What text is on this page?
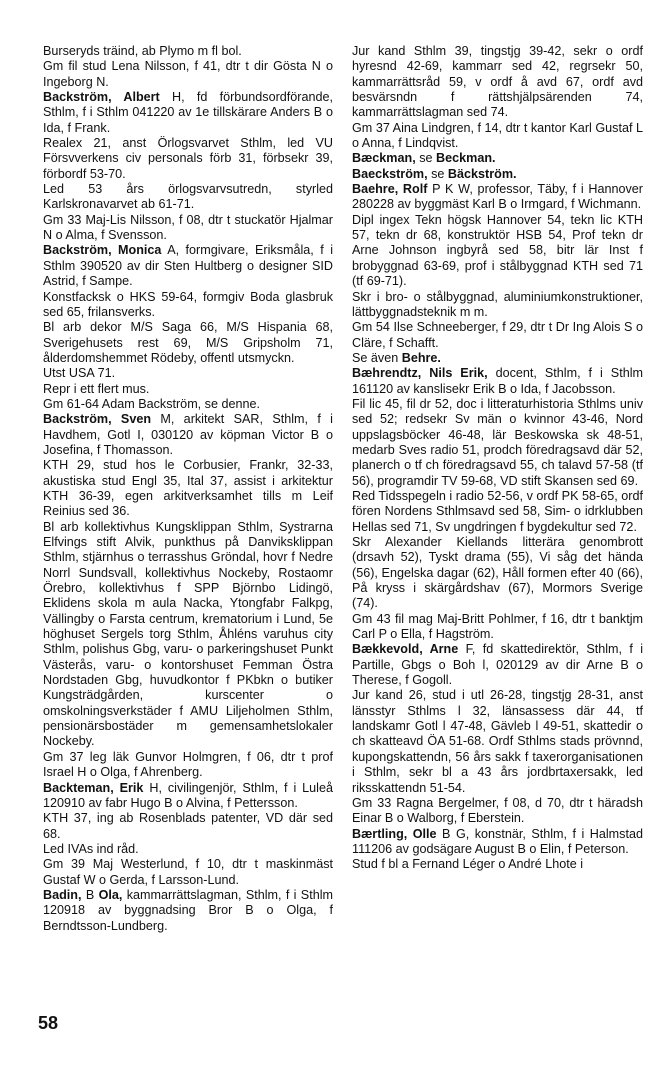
Burseryds träind, ab Plymo m fl bol.

Gm fil stud Lena Nilsson, f 41, dtr t dir Gösta N o Ingeborg N.

Backström, Albert H, fd förbundsordförande, Sthlm, f i Sthlm 041220 av 1e tillskärare Anders B o Ida, f Frank.

Realex 21, anst Örlogsvarvet Sthlm, led VU Försvverkens civ personals förb 31, förbsekr 39, förbordf 53-70.

Led 53 års örlogsvarvsutredn, styrled Karlskronavarvet ab 61-71.

Gm 33 Maj-Lis Nilsson, f 08, dtr t stuckatör Hjalmar N o Alma, f Svensson.

Backström, Monica A, formgivare, Eriksmåla, f i Sthlm 390520 av dir Sten Hultberg o designer SID Astrid, f Sampe.

Konstfacksk o HKS 59-64, formgiv Boda glasbruk sed 65, frilansverks.

Bl arb dekor M/S Saga 66, M/S Hispania 68, Sverigehusets rest 69, M/S Gripsholm 71, ålderdomshemmet Rödeby, offentl utsmyckn.

Utst USA 71.

Repr i ett flert mus.

Gm 61-64 Adam Backström, se denne.

Backström, Sven M, arkitekt SAR, Sthlm, f i Havdhem, Gotl I, 030120 av köpman Victor B o Josefina, f Thomasson.

KTH 29, stud hos le Corbusier, Frankr, 32-33, akustiska stud Engl 35, Ital 37, assist i arkitektur KTH 36-39, egen arkitverksamhet tills m Leif Reinius sed 36.

Bl arb kollektivhus Kungsklippan Sthlm, Systrarna Elfvings stift Alvik, punkthus på Danviksklippan Sthlm, stjärnhus o terrasshus Gröndal, hovr f Nedre Norrl Sundsvall, kollektivhus Nockeby, Rostaomr Örebro, kollektivhus f SPP Björnbo Lidingö, Eklidens skola m aula Nacka, Ytongfabr Falkpg, Vällingby o Farsta centrum, krematorium i Lund, 5e höghuset Sergels torg Sthlm, Åhléns varuhus city Sthlm, polishus Gbg, varu- o parkeringshuset Punkt Västerås, varu- o kontorshuset Femman Östra Nordstaden Gbg, huvudkontor f PKbkn o butiker Kungsträdgården, kurscenter o omskolningsverkstäder f AMU Liljeholmen Sthlm, pensionärsbostäder m gemensamhetslokaler Nockeby.

Gm 37 leg läk Gunvor Holmgren, f 06, dtr t prof Israel H o Olga, f Ahrenberg.

Backteman, Erik H, civilingenjör, Sthlm, f i Luleå 120910 av fabr Hugo B o Alvina, f Pettersson.

KTH 37, ing ab Rosenblads patenter, VD där sed 68.

Led IVAs ind råd.

Gm 39 Maj Westerlund, f 10, dtr t maskinmäst Gustaf W o Gerda, f Larsson-Lund.

Badin, B Ola, kammarrättslagman, Sthlm, f i Sthlm 120918 av byggnadsing Bror B o Olga, f Berndtsson-Lundberg.

Jur kand Sthlm 39, tingstjg 39-42, sekr o ordf hyresnd 42-69, kammarr sed 42, regrsekr 50, kammarrättsråd 59, v ordf å avd 67, ordf avd besvärsndn f rättshjälpsärenden 74, kammarrättslagman sed 74.

Gm 37 Aina Lindgren, f 14, dtr t kantor Karl Gustaf L o Anna, f Lindqvist.

Bæckman, se Beckman.

Baeckström, se Bäckström.

Baehre, Rolf P K W, professor, Täby, f i Hannover 280228 av byggmäst Karl B o Irmgard, f Wichmann.

Dipl ingex Tekn högsk Hannover 54, tekn lic KTH 57, tekn dr 68, konstruktör HSB 54, Prof tekn dr Arne Johnson ingbyrå sed 58, bitr lär Inst f brobyggnad 63-69, prof i stålbyggnad KTH sed 71 (tf 69-71).

Skr i bro- o stålbyggnad, aluminiumkonstruktioner, lättbyggnadsteknik m m.

Gm 54 Ilse Schneeberger, f 29, dtr t Dr Ing Alois S o Cläre, f Schafft.

Se även Behre.

Bæhrendtz, Nils Erik, docent, Sthlm, f i Sthlm 161120 av kanslisekr Erik B o Ida, f Jacobsson.

Fil lic 45, fil dr 52, doc i litteraturhistoria Sthlms univ sed 52; redsekr Sv män o kvinnor 43-46, Nord uppslagsböcker 46-48, lär Beskowska sk 48-51, medarb Sves radio 51, prodch föredragsavd där 52, planerch o tf ch föredragsavd 55, ch talavd 57-58 (tf 56), programdir TV 59-68, VD stift Skansen sed 69.

Red Tidsspegeln i radio 52-56, v ordf PK 58-65, ordf fören Nordens Sthlmsavd sed 58, Sim- o idrklubben Hellas sed 71, Sv ungdringen f bygdekultur sed 72.

Skr Alexander Kiellands litterära genombrott (drsavh 52), Tyskt drama (55), Vi såg det hända (56), Engelska dagar (62), Håll formen efter 40 (66), På kryss i skärgårdshav (67), Mormors Sverige (74).

Gm 43 fil mag Maj-Britt Pohlmer, f 16, dtr t banktjm Carl P o Ella, f Hagström.

Bækkevold, Arne F, fd skattedirektör, Sthlm, f i Partille, Gbgs o Boh l, 020129 av dir Arne B o Therese, f Gogoll.

Jur kand 26, stud i utl 26-28, tingstjg 28-31, anst länsstyr Sthlms l 32, länsassess där 44, tf landskamr Gotl l 47-48, Gävleb l 49-51, skattedir o ch skatteavd ÖA 51-68. Ordf Sthlms stads prövnnd, kupongskattendn, 56 års sakk f taxerorganisationen i Sthlm, sekr bl a 43 års jordbrtaxersakk, led riksskattendn 51-54.

Gm 33 Ragna Bergelmer, f 08, d 70, dtr t häradsh Einar B o Walborg, f Eberstein.

Bærtling, Olle B G, konstnär, Sthlm, f i Halmstad 111206 av godsägare August B o Elin, f Peterson.

Stud f bl a Fernand Léger o André Lhote i

58
